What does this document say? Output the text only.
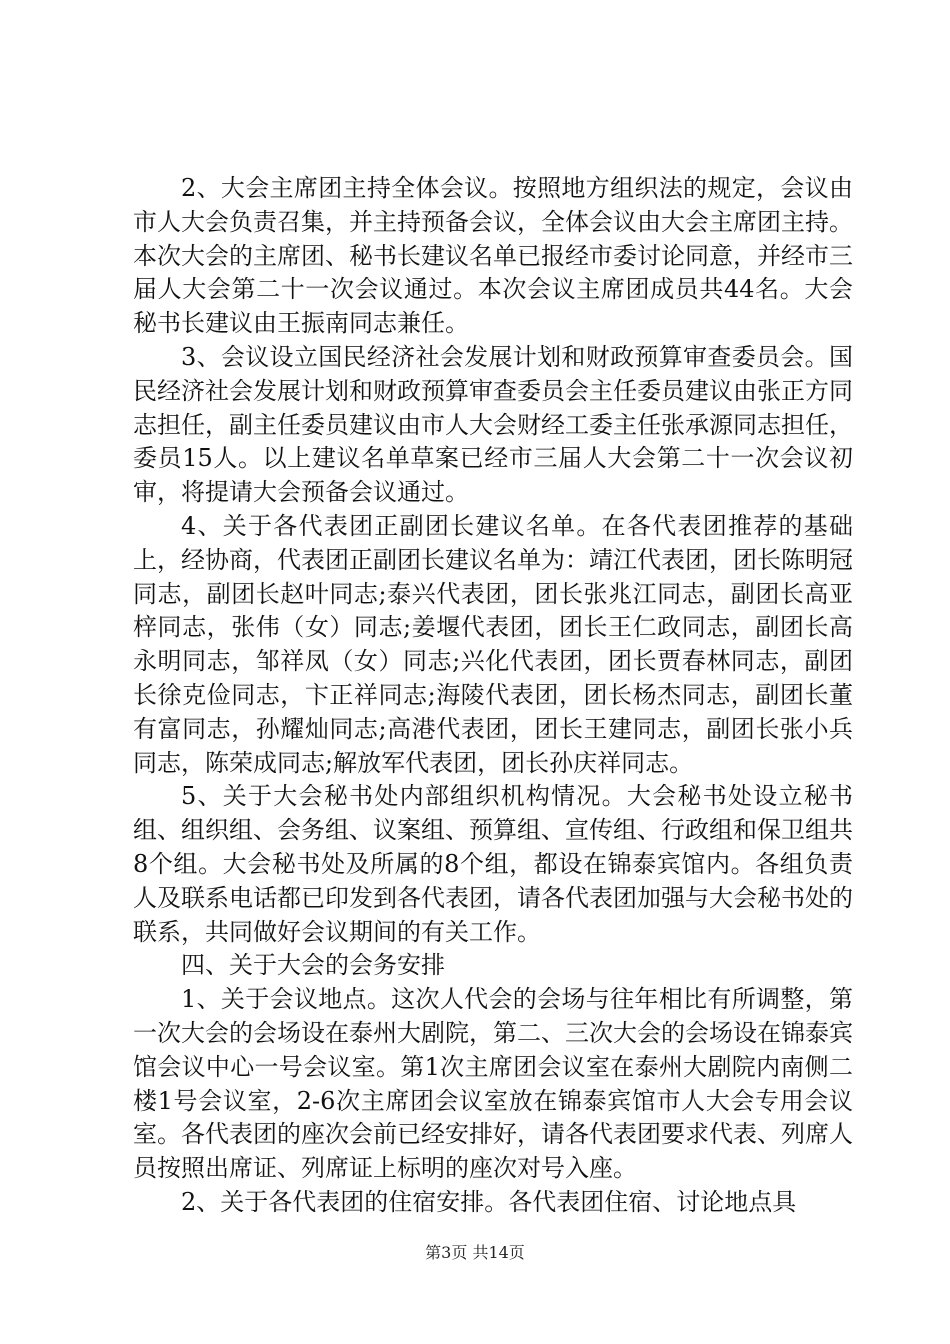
2、大会主席团主持全体会议。按照地方组织法的规定，会议由市人大会负责召集，并主持预备会议，全体会议由大会主席团主持。本次大会的主席团、秘书长建议名单已报经市委讨论同意，并经市三届人大会第二十一次会议通过。本次会议主席团成员共44名。大会秘书长建议由王振南同志兼任。

3、会议设立国民经济社会发展计划和财政预算审查委员会。国民经济社会发展计划和财政预算审查委员会主任委员建议由张正方同志担任，副主任委员建议由市人大会财经工委主任张承源同志担任，委员15人。以上建议名单草案已经市三届人大会第二十一次会议初审，将提请大会预备会议通过。

4、关于各代表团正副团长建议名单。在各代表团推荐的基础上，经协商，代表团正副团长建议名单为：靖江代表团，团长陈明冠同志，副团长赵叶同志;泰兴代表团，团长张兆江同志，副团长高亚梓同志，张伟（女）同志;姜堰代表团，团长王仁政同志，副团长高永明同志，邹祥凤（女）同志;兴化代表团，团长贾春林同志，副团长徐克俭同志，卞正祥同志;海陵代表团，团长杨杰同志，副团长董有富同志，孙耀灿同志;高港代表团，团长王建同志，副团长张小兵同志，陈荣成同志;解放军代表团，团长孙庆祥同志。

5、关于大会秘书处内部组织机构情况。大会秘书处设立秘书组、组织组、会务组、议案组、预算组、宣传组、行政组和保卫组共8个组。大会秘书处及所属的8个组，都设在锦泰宾馆内。各组负责人及联系电话都已印发到各代表团，请各代表团加强与大会秘书处的联系，共同做好会议期间的有关工作。

四、关于大会的会务安排

1、关于会议地点。这次人代会的会场与往年相比有所调整，第一次大会的会场设在泰州大剧院，第二、三次大会的会场设在锦泰宾馆会议中心一号会议室。第1次主席团会议室在泰州大剧院内南侧二楼1号会议室，2-6次主席团会议室放在锦泰宾馆市人大会专用会议室。各代表团的座次会前已经安排好，请各代表团要求代表、列席人员按照出席证、列席证上标明的座次对号入座。

2、关于各代表团的住宿安排。各代表团住宿、讨论地点具

第3页 共14页
